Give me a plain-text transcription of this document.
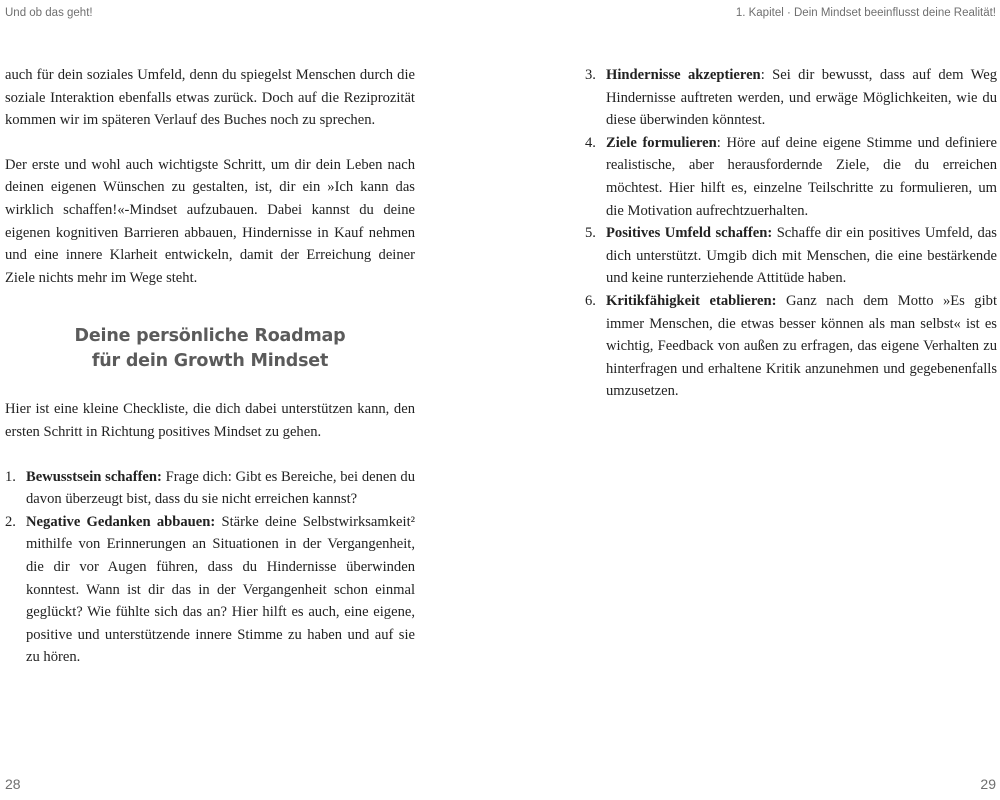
Und ob das geht!	1. Kapitel · Dein Mindset beeinflusst deine Realität!

auch für dein soziales Umfeld, denn du spiegelst Menschen durch die soziale Interaktion ebenfalls etwas zurück. Doch auf die Reziprozität kommen wir im späteren Verlauf des Buches noch zu sprechen.

Der erste und wohl auch wichtigste Schritt, um dir dein Leben nach deinen eigenen Wünschen zu gestalten, ist, dir ein »Ich kann das wirklich schaffen!«-Mindset aufzubauen. Dabei kannst du deine eigenen kognitiven Barrieren abbauen, Hindernisse in Kauf nehmen und eine innere Klarheit entwickeln, damit der Erreichung deiner Ziele nichts mehr im Wege steht.

Deine persönliche Roadmap
für dein Growth Mindset

Hier ist eine kleine Checkliste, die dich dabei unterstützen kann, den ersten Schritt in Richtung positives Mindset zu gehen.

1. Bewusstsein schaffen: Frage dich: Gibt es Bereiche, bei denen du davon überzeugt bist, dass du sie nicht erreichen kannst?
2. Negative Gedanken abbauen: Stärke deine Selbstwirksamkeit² mithilfe von Erinnerungen an Situationen in der Vergangenheit, die dir vor Augen führen, dass du Hindernisse überwinden konntest. Wann ist dir das in der Vergangenheit schon einmal geglückt? Wie fühlte sich das an? Hier hilft es auch, eine eigene, positive und unterstützende innere Stimme zu haben und auf sie zu hören.
3. Hindernisse akzeptieren: Sei dir bewusst, dass auf dem Weg Hindernisse auftreten werden, und erwäge Möglichkeiten, wie du diese überwinden könntest.
4. Ziele formulieren: Höre auf deine eigene Stimme und definiere realistische, aber herausfordernde Ziele, die du erreichen möchtest. Hier hilft es, einzelne Teilschritte zu formulieren, um die Motivation aufrechtzuerhalten.
5. Positives Umfeld schaffen: Schaffe dir ein positives Umfeld, das dich unterstützt. Umgib dich mit Menschen, die eine bestärkende und keine runterziehende Attitüde haben.
6. Kritikfähigkeit etablieren: Ganz nach dem Motto »Es gibt immer Menschen, die etwas besser können als man selbst« ist es wichtig, Feedback von außen zu erfragen, das eigene Verhalten zu hinterfragen und erhaltene Kritik anzunehmen und gegebenenfalls umzusetzen.
28	29
